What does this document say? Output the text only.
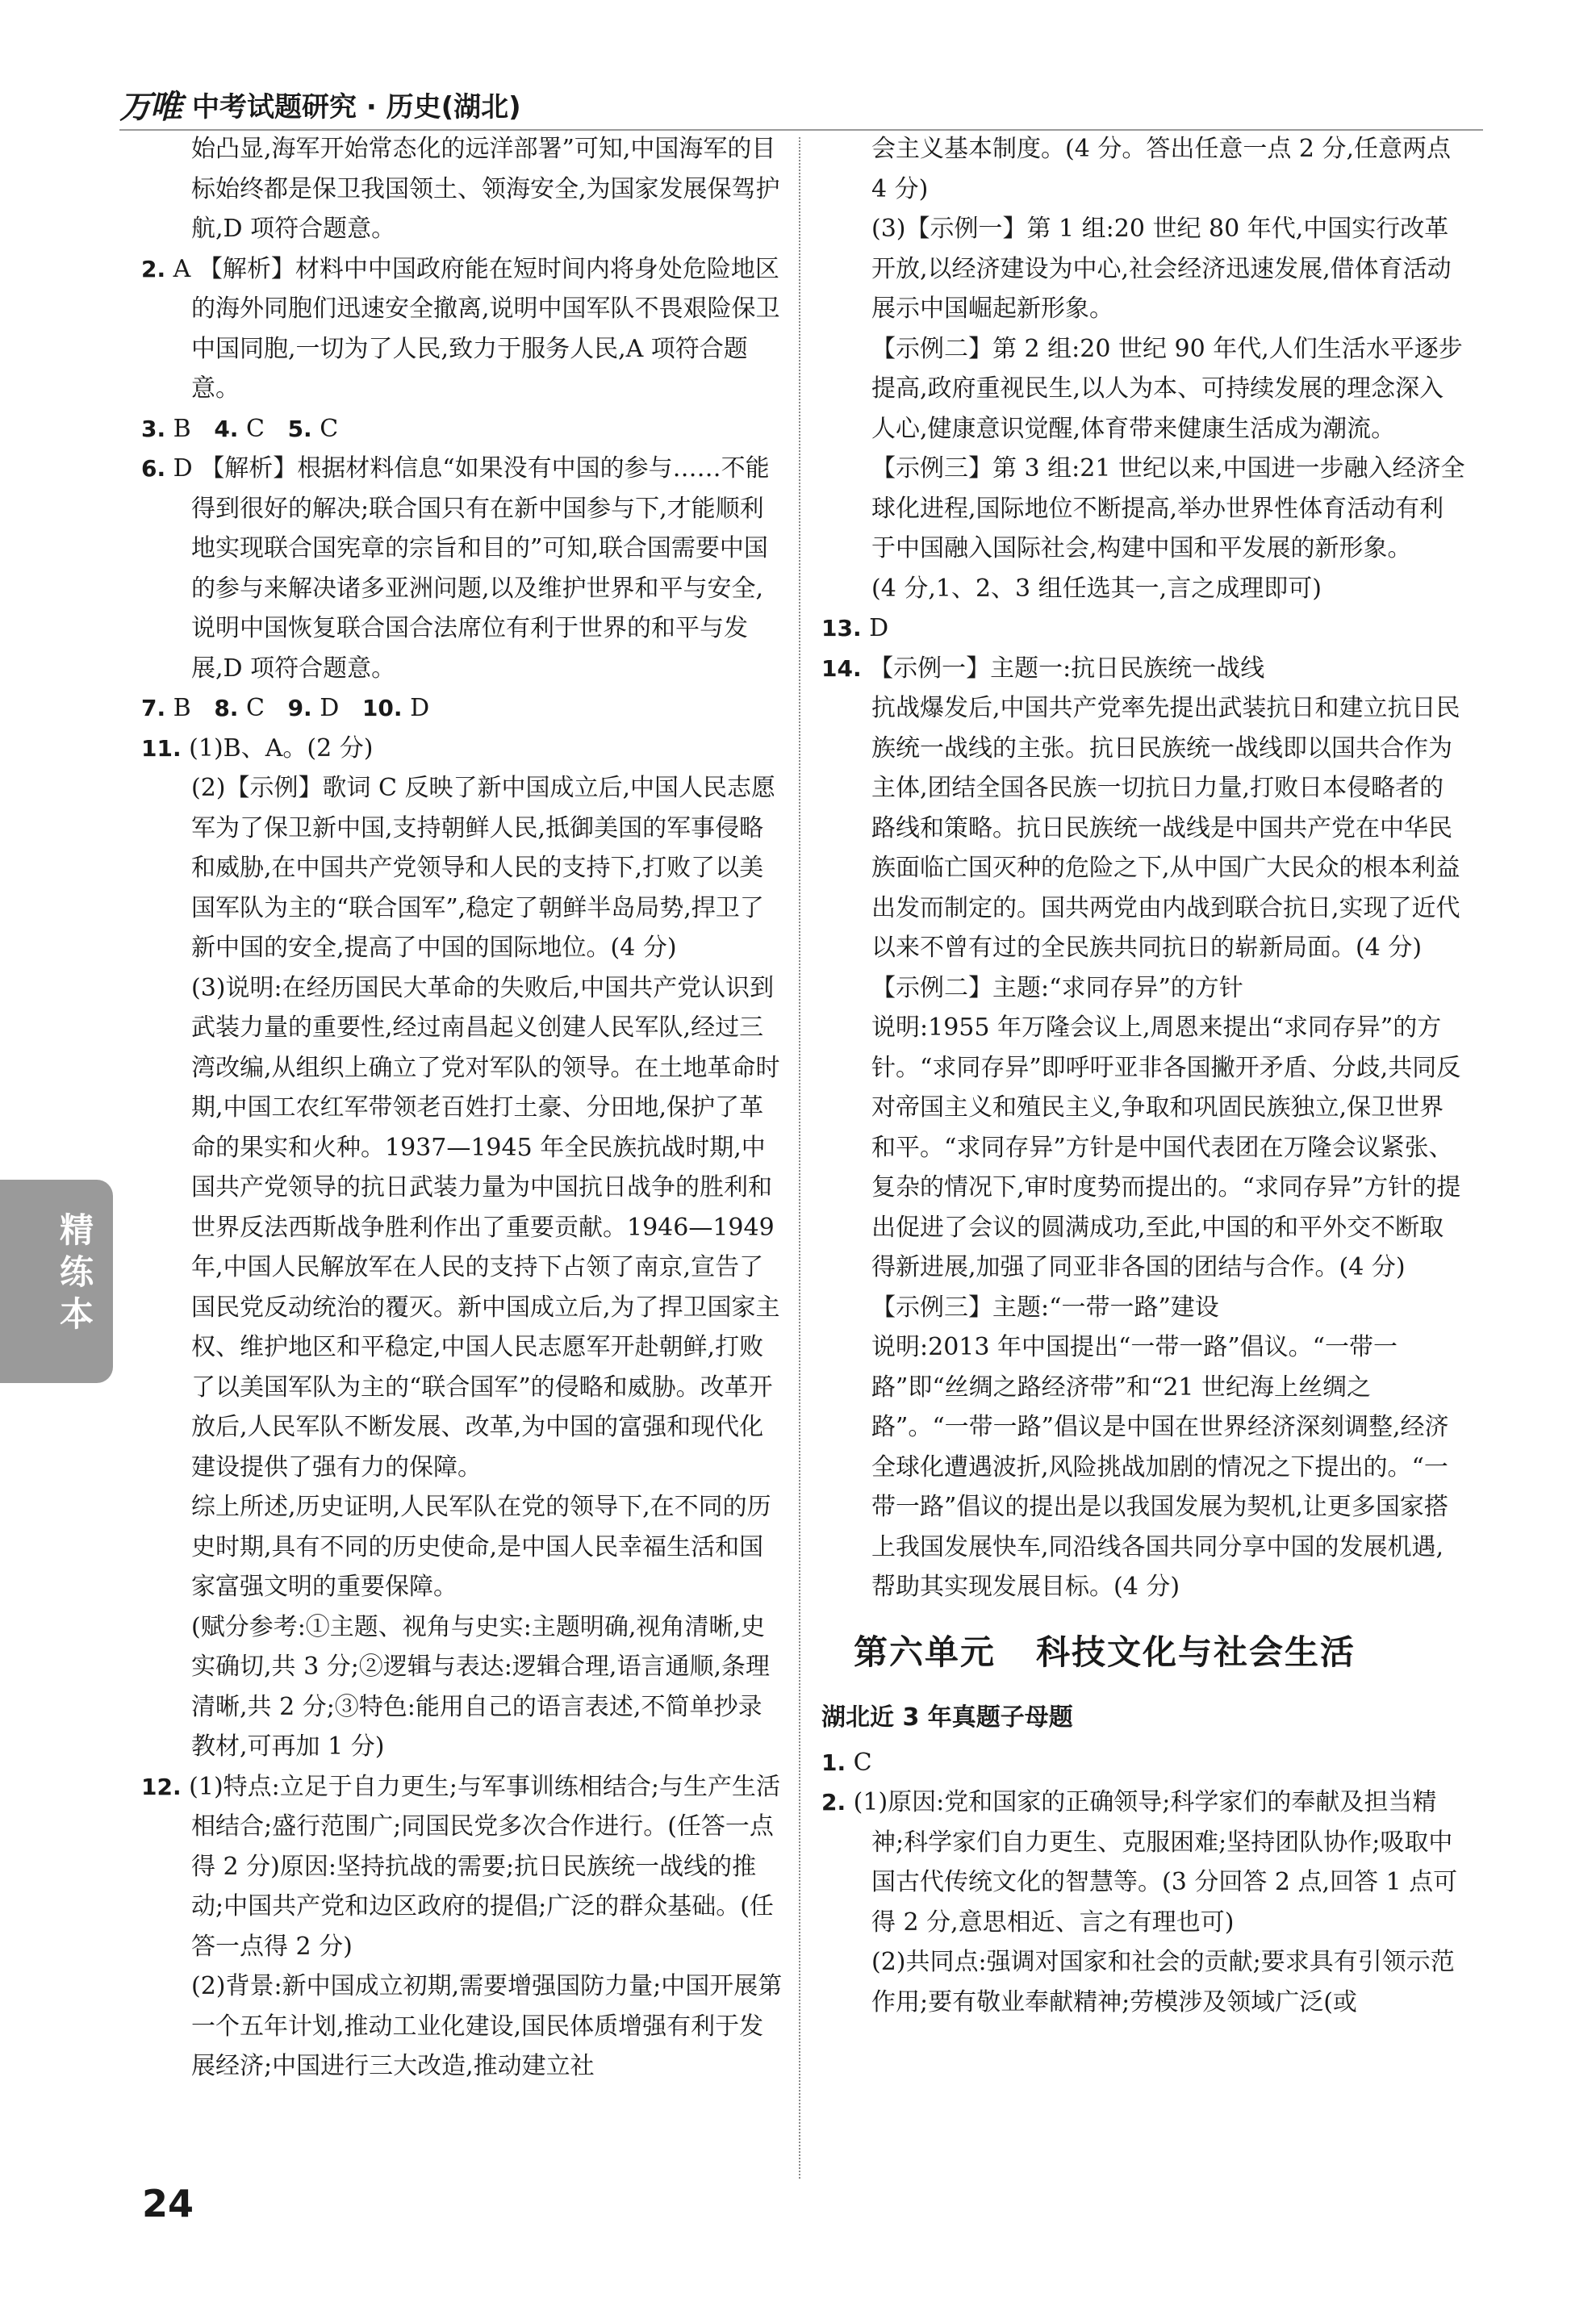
万唯 中考试题研究 · 历史(湖北)

始凸显,海军开始常态化的远洋部署”可知,中国海军的目标始终都是保卫我国领土、领海安全,为国家发展保驾护航,D 项符合题意。

2. A 【解析】材料中中国政府能在短时间内将身处危险地区的海外同胞们迅速安全撤离,说明中国军队不畏艰险保卫中国同胞,一切为了人民,致力于服务人民,A 项符合题意。

3. B 4. C 5. C

6. D 【解析】根据材料信息“如果没有中国的参与……不能得到很好的解决;联合国只有在新中国参与下,才能顺利地实现联合国宪章的宗旨和目的”可知,联合国需要中国的参与来解决诸多亚洲问题,以及维护世界和平与安全,说明中国恢复联合国合法席位有利于世界的和平与发展,D 项符合题意。

7. B 8. C 9. D 10. D

11. (1)B、A。(2 分)

(2)【示例】歌词 C 反映了新中国成立后,中国人民志愿军为了保卫新中国,支持朝鲜人民,抵御美国的军事侵略和威胁,在中国共产党领导和人民的支持下,打败了以美国军队为主的“联合国军”,稳定了朝鲜半岛局势,捍卫了新中国的安全,提高了中国的国际地位。(4 分)

(3)说明:在经历国民大革命的失败后,中国共产党认识到武装力量的重要性,经过南昌起义创建人民军队,经过三湾改编,从组织上确立了党对军队的领导。在土地革命时期,中国工农红军带领老百姓打土豪、分田地,保护了革命的果实和火种。1937—1945 年全民族抗战时期,中国共产党领导的抗日武装力量为中国抗日战争的胜利和世界反法西斯战争胜利作出了重要贡献。1946—1949 年,中国人民解放军在人民的支持下占领了南京,宣告了国民党反动统治的覆灭。新中国成立后,为了捍卫国家主权、维护地区和平稳定,中国人民志愿军开赴朝鲜,打败了以美国军队为主的“联合国军”的侵略和威胁。改革开放后,人民军队不断发展、改革,为中国的富强和现代化建设提供了强有力的保障。

综上所述,历史证明,人民军队在党的领导下,在不同的历史时期,具有不同的历史使命,是中国人民幸福生活和国家富强文明的重要保障。

(赋分参考:①主题、视角与史实:主题明确,视角清晰,史实确切,共 3 分;②逻辑与表达:逻辑合理,语言通顺,条理清晰,共 2 分;③特色:能用自己的语言表述,不简单抄录教材,可再加 1 分)

12. (1)特点:立足于自力更生;与军事训练相结合;与生产生活相结合;盛行范围广;同国民党多次合作进行。(任答一点得 2 分)原因:坚持抗战的需要;抗日民族统一战线的推动;中国共产党和边区政府的提倡;广泛的群众基础。(任答一点得 2 分)

(2)背景:新中国成立初期,需要增强国防力量;中国开展第一个五年计划,推动工业化建设,国民体质增强有利于发展经济;中国进行三大改造,推动建立社

会主义基本制度。(4 分。答出任意一点 2 分,任意两点 4 分)

(3)【示例一】第 1 组:20 世纪 80 年代,中国实行改革开放,以经济建设为中心,社会经济迅速发展,借体育活动展示中国崛起新形象。

【示例二】第 2 组:20 世纪 90 年代,人们生活水平逐步提高,政府重视民生,以人为本、可持续发展的理念深入人心,健康意识觉醒,体育带来健康生活成为潮流。

【示例三】第 3 组:21 世纪以来,中国进一步融入经济全球化进程,国际地位不断提高,举办世界性体育活动有利于中国融入国际社会,构建中国和平发展的新形象。

(4 分,1、2、3 组任选其一,言之成理即可)

13. D

14. 【示例一】主题一:抗日民族统一战线

抗战爆发后,中国共产党率先提出武装抗日和建立抗日民族统一战线的主张。抗日民族统一战线即以国共合作为主体,团结全国各民族一切抗日力量,打败日本侵略者的路线和策略。抗日民族统一战线是中国共产党在中华民族面临亡国灭种的危险之下,从中国广大民众的根本利益出发而制定的。国共两党由内战到联合抗日,实现了近代以来不曾有过的全民族共同抗日的崭新局面。(4 分)

【示例二】主题:“求同存异”的方针

说明:1955 年万隆会议上,周恩来提出“求同存异”的方针。“求同存异”即呼吁亚非各国撇开矛盾、分歧,共同反对帝国主义和殖民主义,争取和巩固民族独立,保卫世界和平。“求同存异”方针是中国代表团在万隆会议紧张、复杂的情况下,审时度势而提出的。“求同存异”方针的提出促进了会议的圆满成功,至此,中国的和平外交不断取得新进展,加强了同亚非各国的团结与合作。(4 分)

【示例三】主题:“一带一路”建设

说明:2013 年中国提出“一带一路”倡议。“一带一路”即“丝绸之路经济带”和“21 世纪海上丝绸之路”。“一带一路”倡议是中国在世界经济深刻调整,经济全球化遭遇波折,风险挑战加剧的情况之下提出的。“一带一路”倡议的提出是以我国发展为契机,让更多国家搭上我国发展快车,同沿线各国共同分享中国的发展机遇,帮助其实现发展目标。(4 分)

第六单元 科技文化与社会生活

湖北近 3 年真题子母题

1. C

2. (1)原因:党和国家的正确领导;科学家们的奉献及担当精神;科学家们自力更生、克服困难;坚持团队协作;吸取中国古代传统文化的智慧等。(3 分回答 2 点,回答 1 点可得 2 分,意思相近、言之有理也可)

(2)共同点:强调对国家和社会的贡献;要求具有引领示范作用;要有敬业奉献精神;劳模涉及领域广泛(或

精练本
24
